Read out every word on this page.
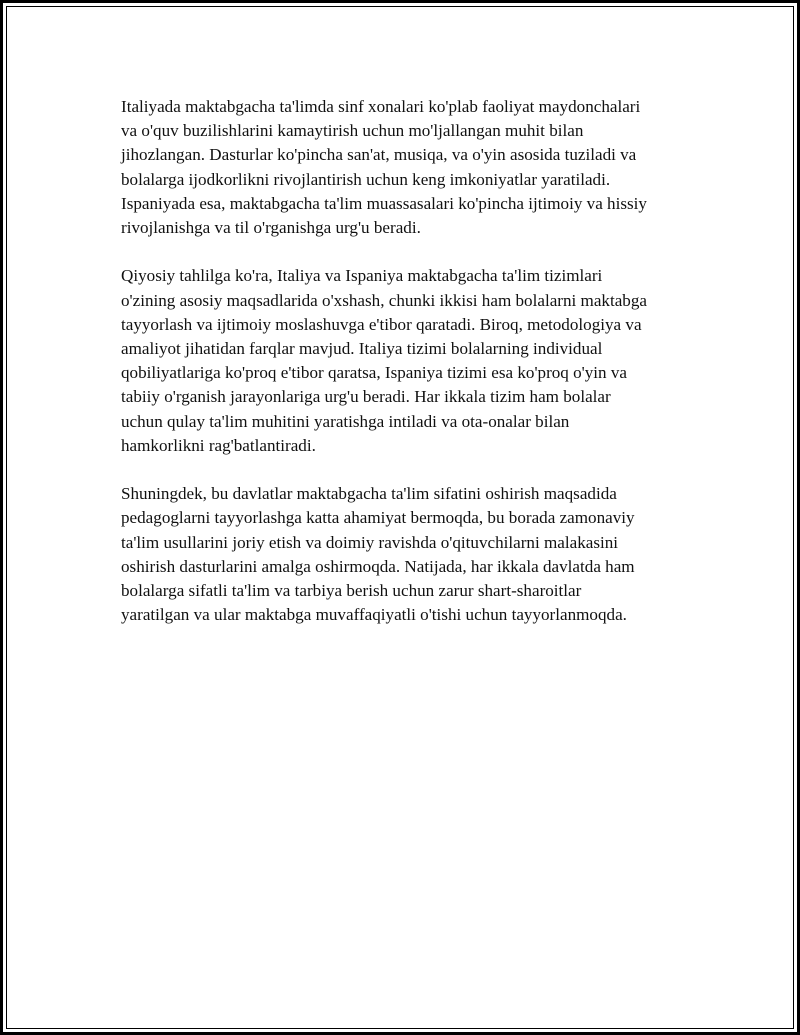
Italiyada maktabgacha ta'limda sinf xonalari ko'plab faoliyat maydonchalari
va o'quv buzilishlarini kamaytirish uchun mo'ljallangan muhit bilan
jihozlangan. Dasturlar ko'pincha san'at, musiqa, va o'yin asosida tuziladi va
bolalarga ijodkorlikni rivojlantirish uchun keng imkoniyatlar yaratiladi.
Ispaniyada esa, maktabgacha ta'lim muassasalari ko'pincha ijtimoiy va hissiy
rivojlanishga va til o'rganishga urg'u beradi.

Qiyosiy tahlilga ko'ra, Italiya va Ispaniya maktabgacha ta'lim tizimlari
o'zining asosiy maqsadlarida o'xshash, chunki ikkisi ham bolalarni maktabga
tayyorlash va ijtimoiy moslashuvga e'tibor qaratadi. Biroq, metodologiya va
amaliyot jihatidan farqlar mavjud. Italiya tizimi bolalarning individual
qobiliyatlariga ko'proq e'tibor qaratsa, Ispaniya tizimi esa ko'proq o'yin va
tabiiy o'rganish jarayonlariga urg'u beradi. Har ikkala tizim ham bolalar
uchun qulay ta'lim muhitini yaratishga intiladi va ota-onalar bilan
hamkorlikni rag'batlantiradi.

Shuningdek, bu davlatlar maktabgacha ta'lim sifatini oshirish maqsadida
pedagoglarni tayyorlashga katta ahamiyat bermoqda, bu borada zamonaviy
ta'lim usullarini joriy etish va doimiy ravishda o'qituvchilarni malakasini
oshirish dasturlarini amalga oshirmoqda. Natijada, har ikkala davlatda ham
bolalarga sifatli ta'lim va tarbiya berish uchun zarur shart-sharoitlar
yaratilgan va ular maktabga muvaffaqiyatli o'tishi uchun tayyorlanmoqda.
